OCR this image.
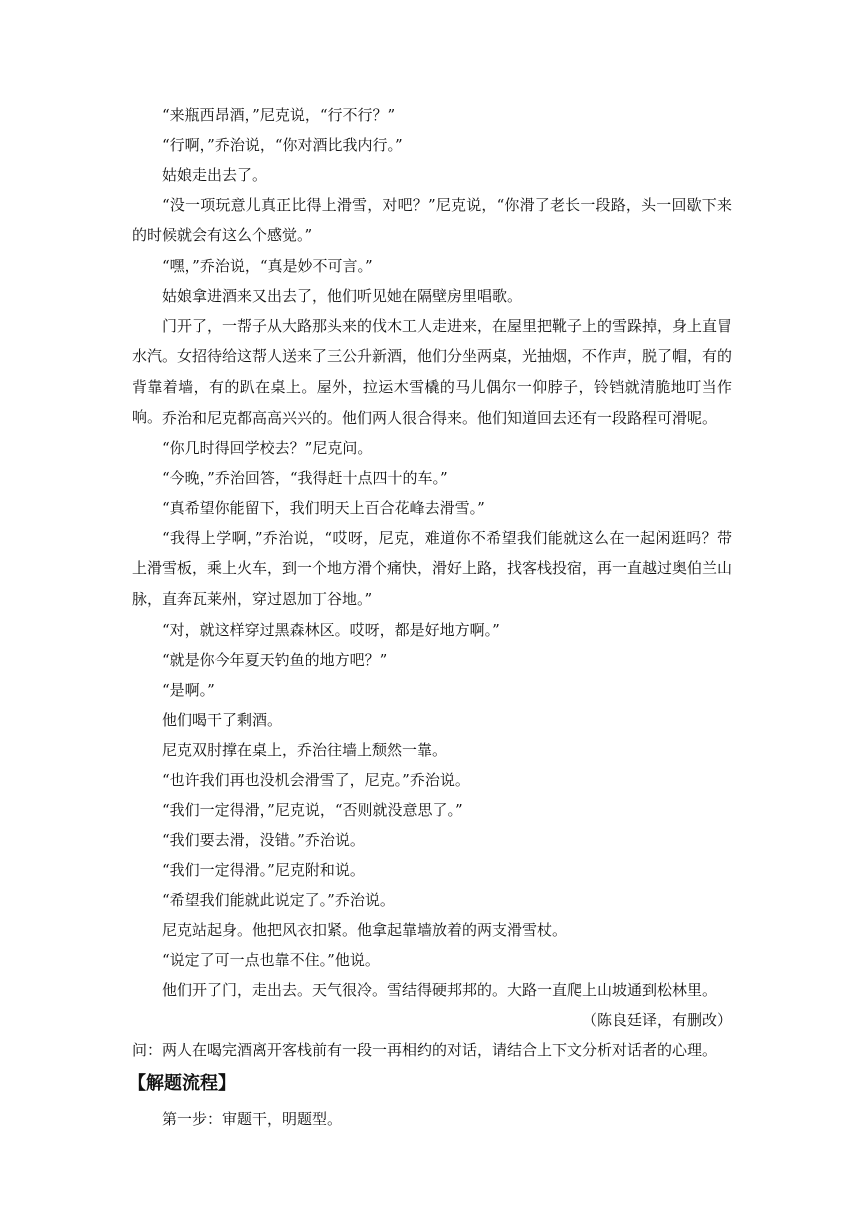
“来瓶西昂酒，”尼克说，“行不行？”

“行啊，”乔治说，“你对酒比我内行。”

姑娘走出去了。

“没一项玩意儿真正比得上滑雪，对吧？”尼克说，“你滑了老长一段路，头一回歇下来的时候就会有这么个感觉。”

“嘿，”乔治说，“真是妙不可言。”

姑娘拿进酒来又出去了，他们听见她在隔壁房里唱歌。

门开了，一帮子从大路那头来的伐木工人走进来，在屋里把靴子上的雪跺掉，身上直冒水汽。女招待给这帮人送来了三公升新酒，他们分坐两桌，光抽烟，不作声，脱了帽，有的背靠着墙，有的趴在桌上。屋外，拉运木雪橇的马儿偶尔一仰脖子，铃铛就清脆地叮当作响。 乔治和尼克都高高兴兴的。他们两人很合得来。他们知道回去还有一段路程可滑呢。

“你几时得回学校去？”尼克问。

“今晚，”乔治回答，“我得赶十点四十的车。”

“真希望你能留下，我们明天上百合花峰去滑雪。”

“我得上学啊，”乔治说，“哎呀，尼克，难道你不希望我们能就这么在一起闲逛吗？带上滑雪板，乘上火车，到一个地方滑个痛快，滑好上路，找客栈投宿，再一直越过奥伯兰山脉，直奔瓦莱州，穿过恩加丁谷地。”

“对，就这样穿过黑森林区。哎呀，都是好地方啊。”

“就是你今年夏天钓鱼的地方吧？”

“是啊。”

他们喝干了剩酒。

尼克双肘撑在桌上，乔治往墙上颓然一靠。

“也许我们再也没机会滑雪了，尼克。”乔治说。

“我们一定得滑，”尼克说，“否则就没意思了。”

“我们要去滑，没错。”乔治说。

“我们一定得滑。”尼克附和说。

“希望我们能就此说定了。”乔治说。

尼克站起身。他把风衣扣紧。他拿起靠墙放着的两支滑雪杖。

“说定了可一点也靠不住。”他说。

他们开了门，走出去。天气很冷。雪结得硬邦邦的。大路一直爬上山坡通到松林里。

（陈良廷译，有删改）

问：两人在喝完酒离开客栈前有一段一再相约的对话，请结合上下文分析对话者的心理。

【解题流程】

第一步：审题干，明题型。
